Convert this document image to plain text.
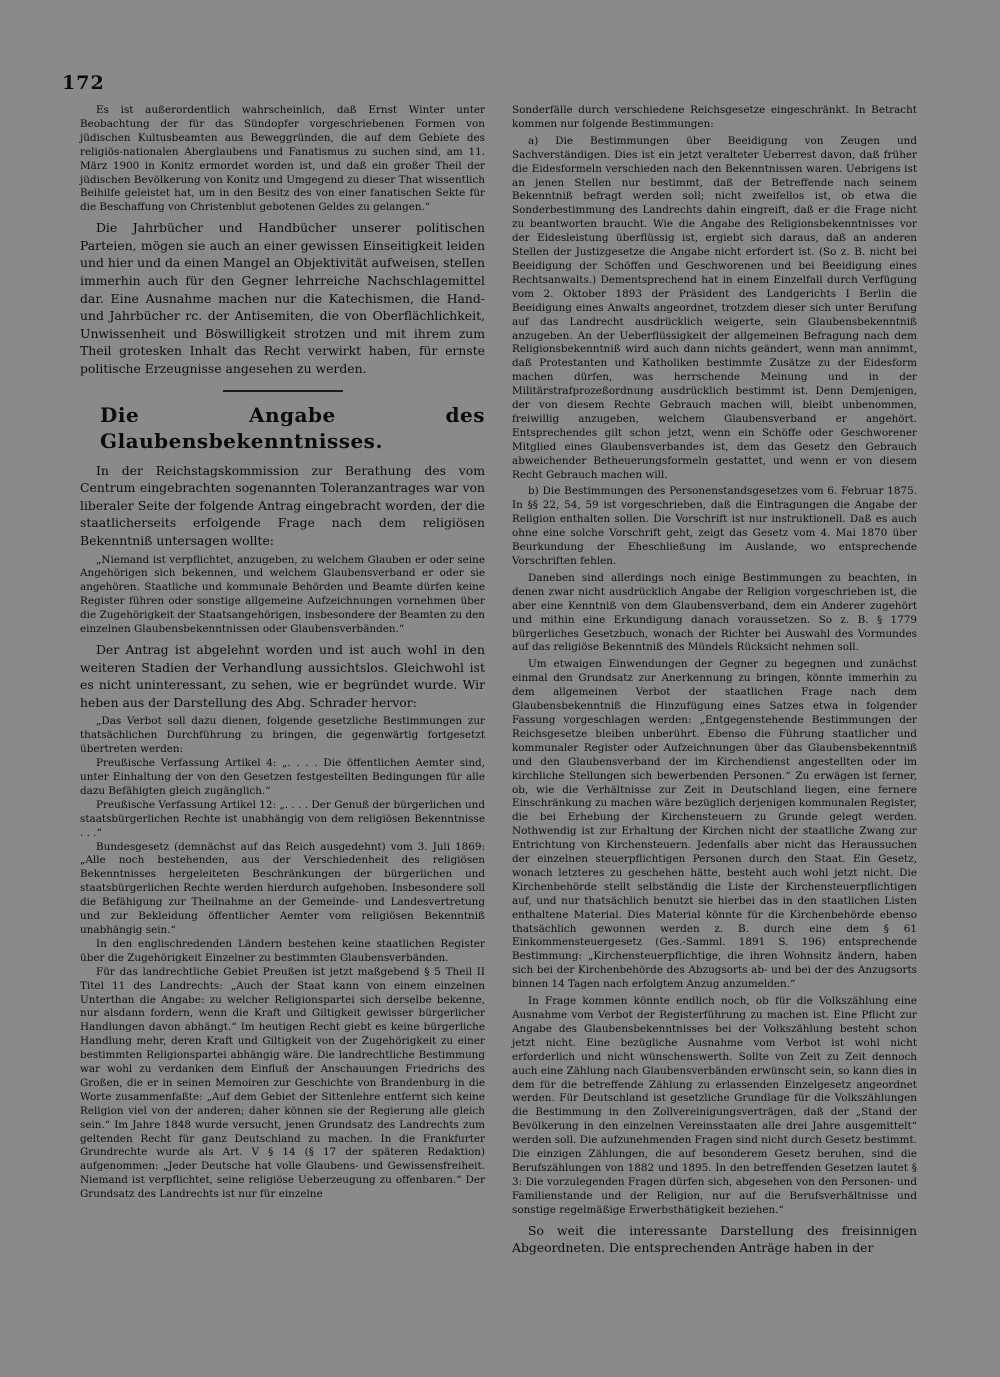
172

Es ist außerordentlich wahrscheinlich, daß Ernst Winter unter Beobachtung der für das Sündopfer vorgeschriebenen Formen von jüdischen Kultusbeamten aus Beweggründen, die auf dem Gebiete des religiös-nationalen Aberglaubens und Fanatismus zu suchen sind, am 11. März 1900 in Konitz ermordet worden ist, und daß ein großer Theil der jüdischen Bevölkerung von Konitz und Umgegend zu dieser That wissentlich Beihilfe geleistet hat, um in den Besitz des von einer fanatischen Sekte für die Beschaffung von Christenblut gebotenen Geldes zu gelangen.“

Die Jahrbücher und Handbücher unserer politischen Parteien, mögen sie auch an einer gewissen Einseitigkeit leiden und hier und da einen Mangel an Objektivität aufweisen, stellen immerhin auch für den Gegner lehrreiche Nachschlagemittel dar. Eine Ausnahme machen nur die Katechismen, die Hand- und Jahrbücher rc. der Antisemiten, die von Oberflächlichkeit, Unwissenheit und Böswilligkeit strotzen und mit ihrem zum Theil grotesken Inhalt das Recht verwirkt haben, für ernste politische Erzeugnisse angesehen zu werden.

Die Angabe des Glaubensbekenntnisses.

In der Reichstagskommission zur Berathung des vom Centrum eingebrachten sogenannten Toleranzantrages war von liberaler Seite der folgende Antrag eingebracht worden, der die staatlicherseits erfolgende Frage nach dem religiösen Bekenntniß untersagen wollte:

„Niemand ist verpflichtet, anzugeben, zu welchem Glauben er oder seine Angehörigen sich bekennen, und welchem Glaubensverband er oder sie angehören. Staatliche und kommunale Behörden und Beamte dürfen keine Register führen oder sonstige allgemeine Aufzeichnungen vornehmen über die Zugehörigkeit der Staatsangehörigen, insbesondere der Beamten zu den einzelnen Glaubensbekenntnissen oder Glaubensverbänden.“

Der Antrag ist abgelehnt worden und ist auch wohl in den weiteren Stadien der Verhandlung aussichtslos. Gleichwohl ist es nicht uninteressant, zu sehen, wie er begründet wurde. Wir heben aus der Darstellung des Abg. Schrader hervor:

„Das Verbot soll dazu dienen, folgende gesetzliche Bestimmungen zur thatsächlichen Durchführung zu bringen, die gegenwärtig fortgesetzt übertreten werden:

Preußische Verfassung Artikel 4: „. . . . Die öffentlichen Aemter sind, unter Einhaltung der von den Gesetzen festgestellten Bedingungen für alle dazu Befähigten gleich zugänglich.“

Preußische Verfassung Artikel 12: „. . . . Der Genuß der bürgerlichen und staatsbürgerlichen Rechte ist unabhängig von dem religiösen Bekenntnisse . . .“

Bundesgesetz (demnächst auf das Reich ausgedehnt) vom 3. Juli 1869: „Alle noch bestehenden, aus der Verschiedenheit des religiösen Bekenntnisses hergeleiteten Beschränkungen der bürgerlichen und staatsbürgerlichen Rechte werden hierdurch aufgehoben. Insbesondere soll die Befähigung zur Theilnahme an der Gemeinde- und Landesvertretung und zur Bekleidung öffentlicher Aemter vom religiösen Bekenntniß unabhängig sein.“

In den englischredenden Ländern bestehen keine staatlichen Register über die Zugehörigkeit Einzelner zu bestimmten Glaubensverbänden.

Für das landrechtliche Gebiet Preußen ist jetzt maßgebend § 5 Theil II Titel 11 des Landrechts: „Auch der Staat kann von einem einzelnen Unterthan die Angabe: zu welcher Religionspartei sich derselbe bekenne, nur alsdann fordern, wenn die Kraft und Giltigkeit gewisser bürgerlicher Handlungen davon abhängt.“ Im heutigen Recht giebt es keine bürgerliche Handlung mehr, deren Kraft und Giltigkeit von der Zugehörigkeit zu einer bestimmten Religionspartei abhängig wäre. Die landrechtliche Bestimmung war wohl zu verdanken dem Einfluß der Anschauungen Friedrichs des Großen, die er in seinen Memoiren zur Geschichte von Brandenburg in die Worte zusammenfaßte: „Auf dem Gebiet der Sittenlehre entfernt sich keine Religion viel von der anderen; daher können sie der Regierung alle gleich sein.“ Im Jahre 1848 wurde versucht, jenen Grundsatz des Landrechts zum geltenden Recht für ganz Deutschland zu machen. In die Frankfurter Grundrechte wurde als Art. V § 14 (§ 17 der späteren Redaktion) aufgenommen: „Jeder Deutsche hat volle Glaubens- und Gewissensfreiheit. Niemand ist verpflichtet, seine religiöse Ueberzeugung zu offenbaren.“ Der Grundsatz des Landrechts ist nur für einzelne

Sonderfälle durch verschiedene Reichsgesetze eingeschränkt. In Betracht kommen nur folgende Bestimmungen:

a) Die Bestimmungen über Beeidigung von Zeugen und Sachverständigen. Dies ist ein jetzt veralteter Ueberrest davon, daß früher die Eidesformeln verschieden nach den Bekenntnissen waren. Uebrigens ist an jenen Stellen nur bestimmt, daß der Betreffende nach seinem Bekenntniß befragt werden soll; nicht zweifellos ist, ob etwa die Sonderbestimmung des Landrechts dahin eingreift, daß er die Frage nicht zu beantworten braucht. Wie die Angabe des Religionsbekenntnisses vor der Eidesleistung überflüssig ist, ergiebt sich daraus, daß an anderen Stellen der Justizgesetze die Angabe nicht erfordert ist. (So z. B. nicht bei Beeidigung der Schöffen und Geschworenen und bei Beeidigung eines Rechtsanwalts.) Dementsprechend hat in einem Einzelfall durch Verfügung vom 2. Oktober 1893 der Präsident des Landgerichts I Berlin die Beeidigung eines Anwalts angeordnet, trotzdem dieser sich unter Berufung auf das Landrecht ausdrücklich weigerte, sein Glaubensbekenntniß anzugeben. An der Ueberflüssigkeit der allgemeinen Befragung nach dem Religionsbekenntniß wird auch dann nichts geändert, wenn man annimmt, daß Protestanten und Katholiken bestimmte Zusätze zu der Eidesform machen dürfen, was herrschende Meinung und in der Militärstrafprozeßordnung ausdrücklich bestimmt ist. Denn Demjenigen, der von diesem Rechte Gebrauch machen will, bleibt unbenommen, freiwillig anzugeben, welchem Glaubensverband er angehört. Entsprechendes gilt schon jetzt, wenn ein Schöffe oder Geschworener Mitglied eines Glaubensverbandes ist, dem das Gesetz den Gebrauch abweichender Betheuerungsformeln gestattet, und wenn er von diesem Recht Gebrauch machen will.

b) Die Bestimmungen des Personenstandsgesetzes vom 6. Februar 1875. In §§ 22, 54, 59 ist vorgeschrieben, daß die Eintragungen die Angabe der Religion enthalten sollen. Die Vorschrift ist nur instruktionell. Daß es auch ohne eine solche Vorschrift geht, zeigt das Gesetz vom 4. Mai 1870 über Beurkundung der Eheschließung im Auslande, wo entsprechende Vorschriften fehlen.

Daneben sind allerdings noch einige Bestimmungen zu beachten, in denen zwar nicht ausdrücklich Angabe der Religion vorgeschrieben ist, die aber eine Kenntniß von dem Glaubensverband, dem ein Anderer zugehört und mithin eine Erkundigung danach voraussetzen. So z. B. § 1779 bürgerliches Gesetzbuch, wonach der Richter bei Auswahl des Vormundes auf das religiöse Bekenntniß des Mündels Rücksicht nehmen soll.

Um etwaigen Einwendungen der Gegner zu begegnen und zunächst einmal den Grundsatz zur Anerkennung zu bringen, könnte immerhin zu dem allgemeinen Verbot der staatlichen Frage nach dem Glaubensbekenntniß die Hinzufügung eines Satzes etwa in folgender Fassung vorgeschlagen werden: „Entgegenstehende Bestimmungen der Reichsgesetze bleiben unberührt. Ebenso die Führung staatlicher und kommunaler Register oder Aufzeichnungen über das Glaubensbekenntniß und den Glaubensverband der im Kirchendienst angestellten oder im kirchliche Stellungen sich bewerbenden Personen.“ Zu erwägen ist ferner, ob, wie die Verhältnisse zur Zeit in Deutschland liegen, eine fernere Einschränkung zu machen wäre bezüglich derjenigen kommunalen Register, die bei Erhebung der Kirchensteuern zu Grunde gelegt werden. Nothwendig ist zur Erhaltung der Kirchen nicht der staatliche Zwang zur Entrichtung von Kirchensteuern. Jedenfalls aber nicht das Heraussuchen der einzelnen steuerpflichtigen Personen durch den Staat. Ein Gesetz, wonach letzteres zu geschehen hätte, besteht auch wohl jetzt nicht. Die Kirchenbehörde stellt selbständig die Liste der Kirchensteuerpflichtigen auf, und nur thatsächlich benutzt sie hierbei das in den staatlichen Listen enthaltene Material. Dies Material könnte für die Kirchenbehörde ebenso thatsächlich gewonnen werden z. B. durch eine dem § 61 Einkommensteuergesetz (Ges.-Samml. 1891 S. 196) entsprechende Bestimmung: „Kirchensteuerpflichtige, die ihren Wohnsitz ändern, haben sich bei der Kirchenbehörde des Abzugsorts ab- und bei der des Anzugsorts binnen 14 Tagen nach erfolgtem Anzug anzumelden.“

In Frage kommen könnte endlich noch, ob für die Volkszählung eine Ausnahme vom Verbot der Registerführung zu machen ist. Eine Pflicht zur Angabe des Glaubensbekenntnisses bei der Volkszählung besteht schon jetzt nicht. Eine bezügliche Ausnahme vom Verbot ist wohl nicht erforderlich und nicht wünschenswerth. Sollte von Zeit zu Zeit dennoch auch eine Zählung nach Glaubensverbänden erwünscht sein, so kann dies in dem für die betreffende Zählung zu erlassenden Einzelgesetz angeordnet werden. Für Deutschland ist gesetzliche Grundlage für die Volkszählungen die Bestimmung in den Zollvereinigungsverträgen, daß der „Stand der Bevölkerung in den einzelnen Vereinsstaaten alle drei Jahre ausgemittelt“ werden soll. Die aufzunehmenden Fragen sind nicht durch Gesetz bestimmt. Die einzigen Zählungen, die auf besonderem Gesetz beruhen, sind die Berufszählungen von 1882 und 1895. In den betreffenden Gesetzen lautet § 3: Die vorzulegenden Fragen dürfen sich, abgesehen von den Personen- und Familienstande und der Religion, nur auf die Berufsverhältnisse und sonstige regelmäßige Erwerbsthätigkeit beziehen.“

So weit die interessante Darstellung des freisinnigen Abgeordneten. Die entsprechenden Anträge haben in der
